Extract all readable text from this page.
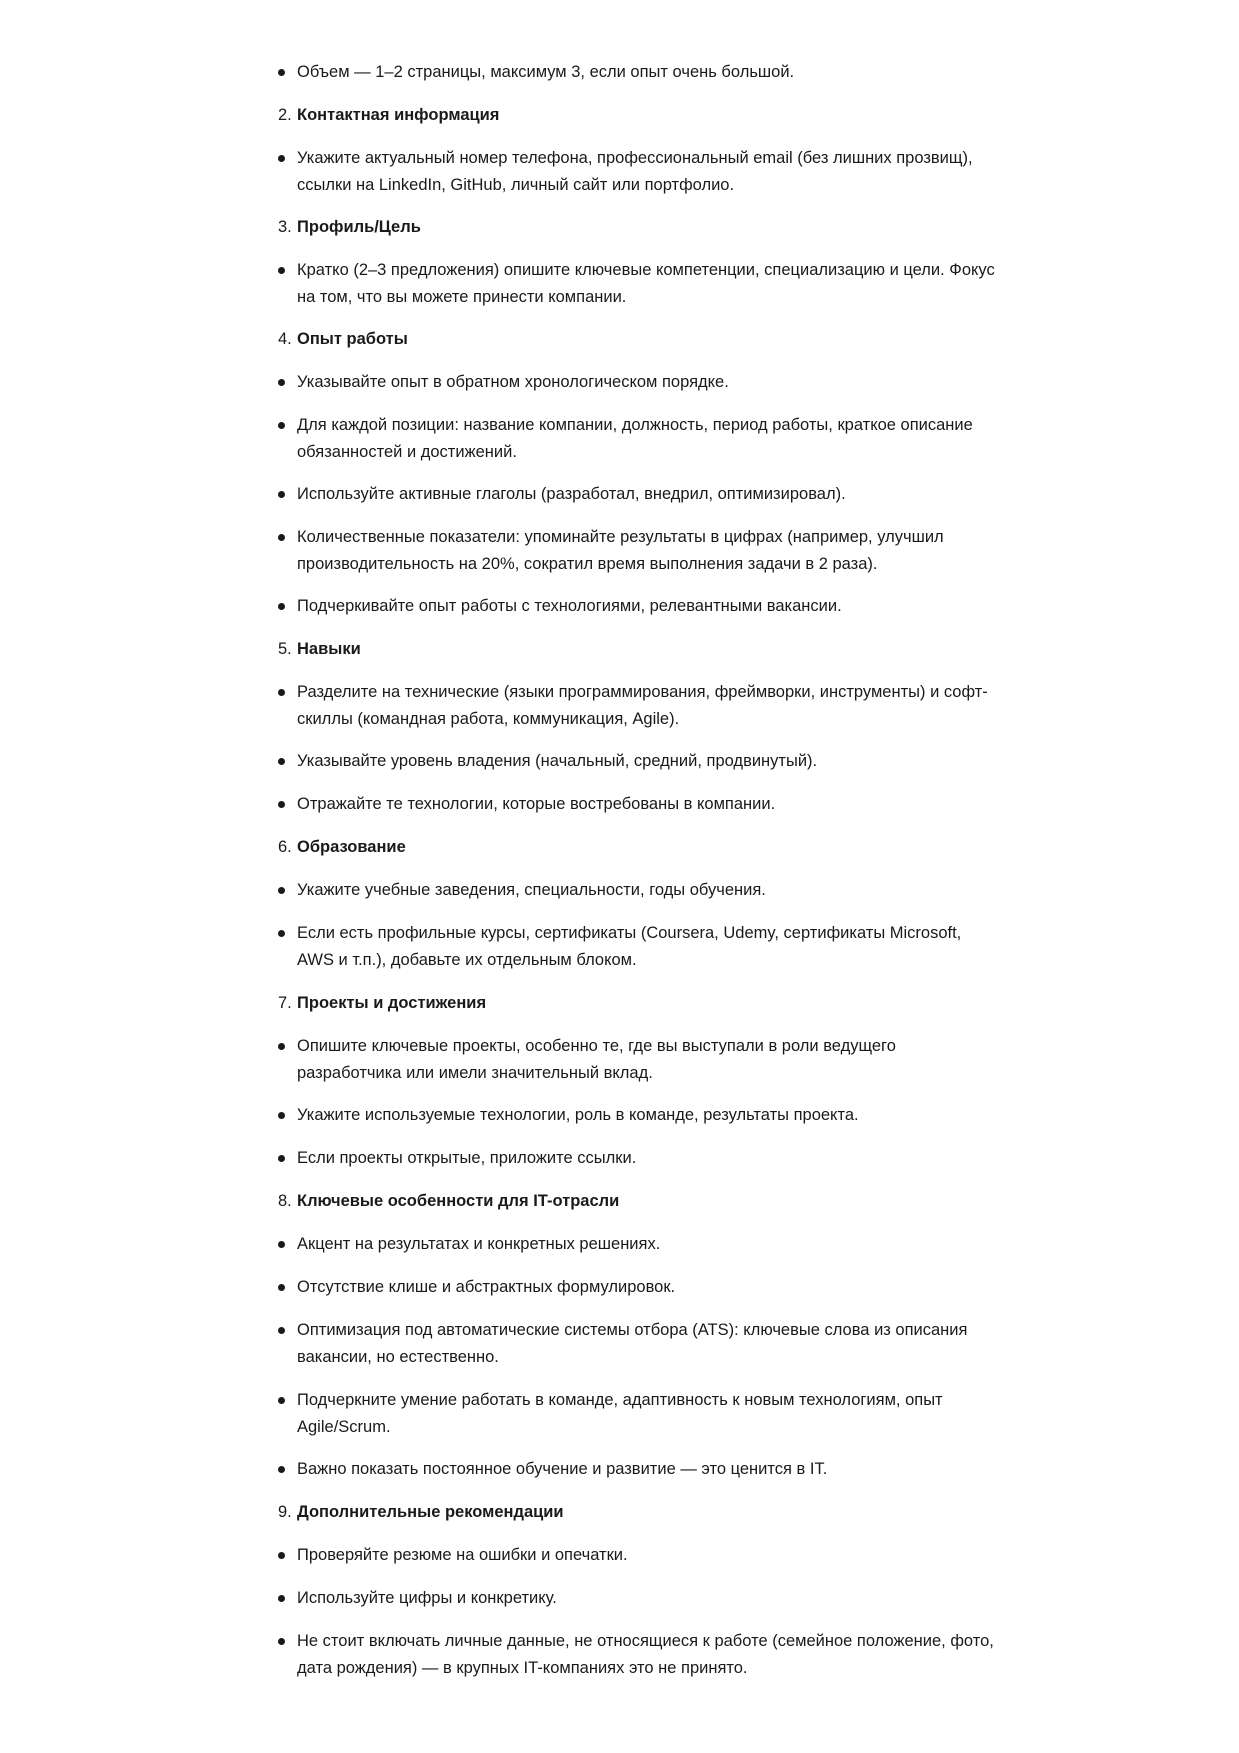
Объем — 1–2 страницы, максимум 3, если опыт очень большой.
2. Контактная информация
Укажите актуальный номер телефона, профессиональный email (без лишних прозвищ), ссылки на LinkedIn, GitHub, личный сайт или портфолио.
3. Профиль/Цель
Кратко (2–3 предложения) опишите ключевые компетенции, специализацию и цели. Фокус на том, что вы можете принести компании.
4. Опыт работы
Указывайте опыт в обратном хронологическом порядке.
Для каждой позиции: название компании, должность, период работы, краткое описание обязанностей и достижений.
Используйте активные глаголы (разработал, внедрил, оптимизировал).
Количественные показатели: упоминайте результаты в цифрах (например, улучшил производительность на 20%, сократил время выполнения задачи в 2 раза).
Подчеркивайте опыт работы с технологиями, релевантными вакансии.
5. Навыки
Разделите на технические (языки программирования, фреймворки, инструменты) и софт-скиллы (командная работа, коммуникация, Agile).
Указывайте уровень владения (начальный, средний, продвинутый).
Отражайте те технологии, которые востребованы в компании.
6. Образование
Укажите учебные заведения, специальности, годы обучения.
Если есть профильные курсы, сертификаты (Coursera, Udemy, сертификаты Microsoft, AWS и т.п.), добавьте их отдельным блоком.
7. Проекты и достижения
Опишите ключевые проекты, особенно те, где вы выступали в роли ведущего разработчика или имели значительный вклад.
Укажите используемые технологии, роль в команде, результаты проекта.
Если проекты открытые, приложите ссылки.
8. Ключевые особенности для IT-отрасли
Акцент на результатах и конкретных решениях.
Отсутствие клише и абстрактных формулировок.
Оптимизация под автоматические системы отбора (ATS): ключевые слова из описания вакансии, но естественно.
Подчеркните умение работать в команде, адаптивность к новым технологиям, опыт Agile/Scrum.
Важно показать постоянное обучение и развитие — это ценится в IT.
9. Дополнительные рекомендации
Проверяйте резюме на ошибки и опечатки.
Используйте цифры и конкретику.
Не стоит включать личные данные, не относящиеся к работе (семейное положение, фото, дата рождения) — в крупных IT-компаниях это не принято.
